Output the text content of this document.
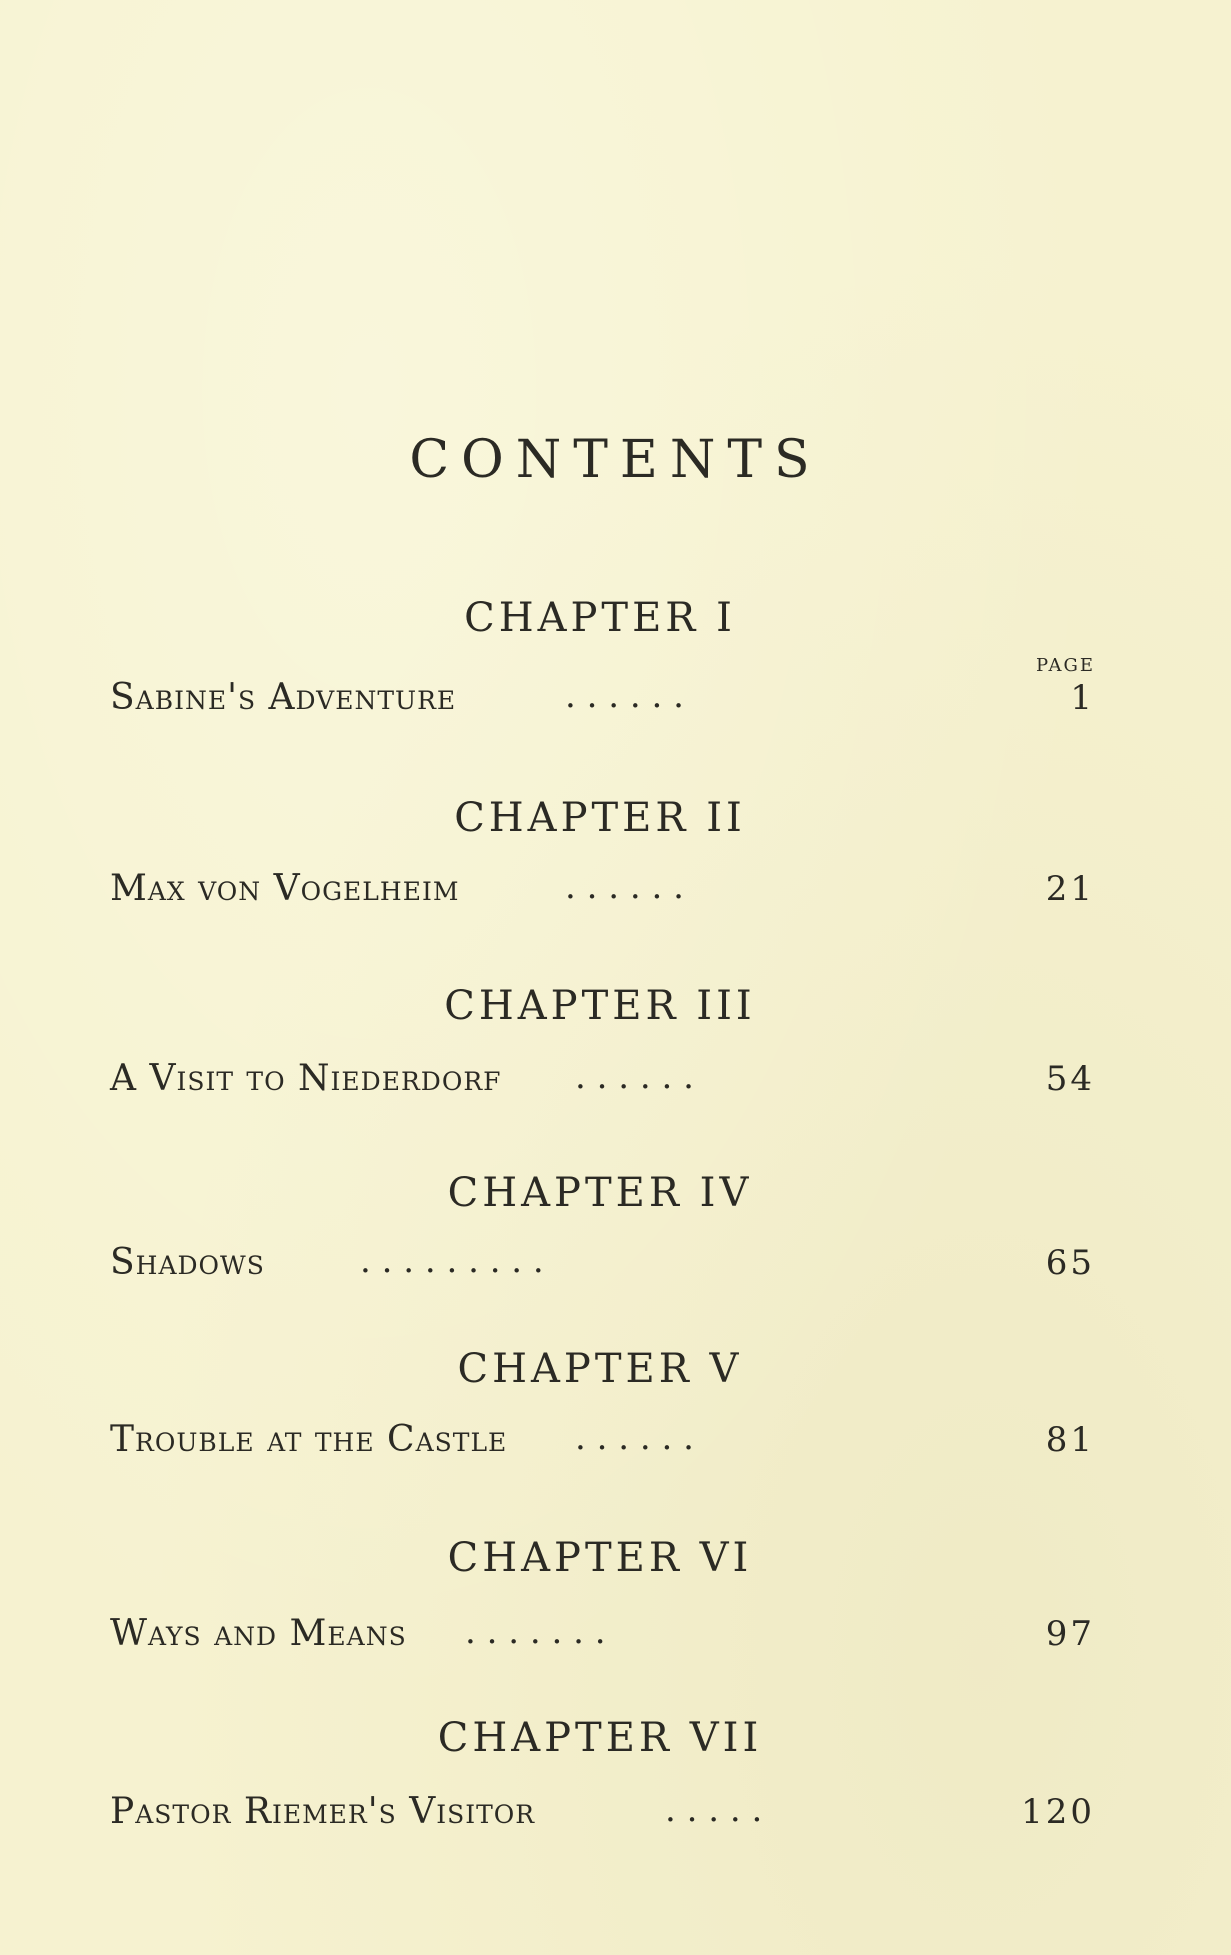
CONTENTS
PAGE
CHAPTER I
Sabine's Adventure	. . . . . .	1
CHAPTER II
Max von Vogelheim	. . . . . .	21
CHAPTER III
A Visit to Niederdorf . . . . . .	54
CHAPTER IV
Shadows	. . . . . . . . .	65
CHAPTER V
Trouble at the Castle . . . . . .	81
CHAPTER VI
Ways and Means . . . . . . .	97
CHAPTER VII
Pastor Riemer's Visitor	. . . . .	120
